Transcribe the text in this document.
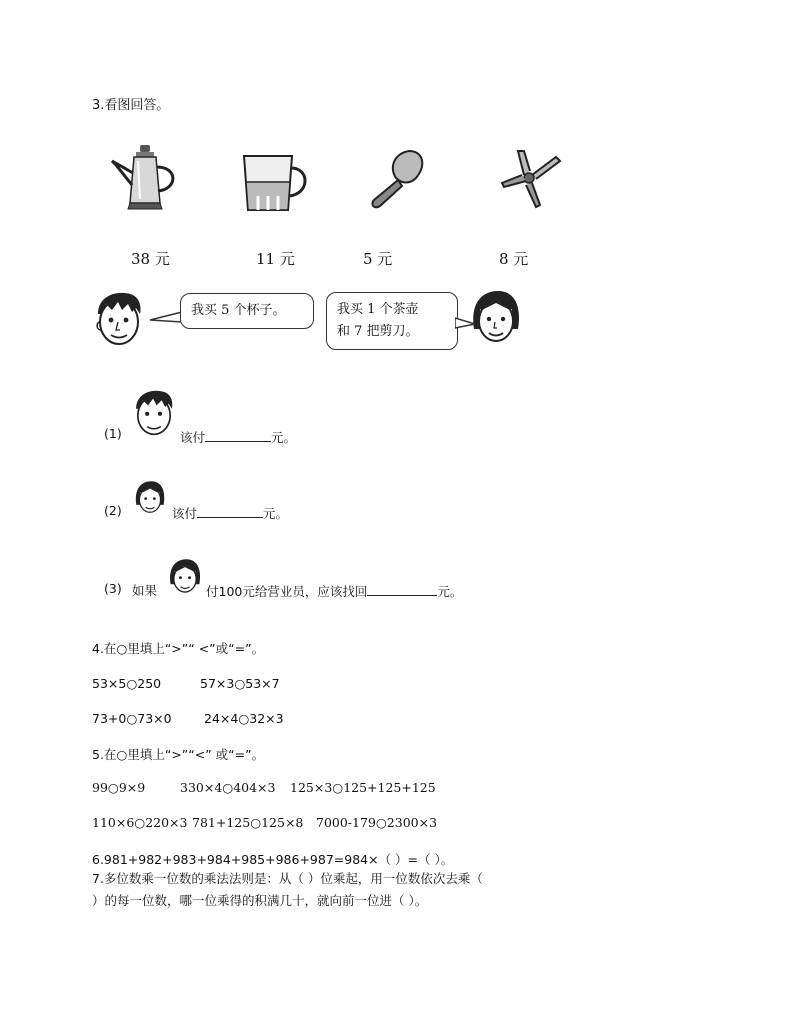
3.看图回答。
38 元	11 元	5 元	8 元
我买 5 个杯子。	我买 1 个茶壶
和 7 把剪刀。
(1)	该付	元。
(2)	该付	元。
(3) 如果	付100元给营业员，应该找回	元。
4.在○里填上“>”“ <”或“=”。
53×5○250	57×3○53×7
73+0○73×0	24×4○32×3
5.在○里填上“>”“<” 或“=”。
99○9×9	330×4○404×3 125×3○125+125+125
110×6○220×3 781+125○125×8 7000-179○2300×3
6.981+982+983+984+985+986+987=984×（ ）=（ ）。
7.多位数乘一位数的乘法法则是：从（ ）位乘起，用一位数依次去乘（
）的每一位数，哪一位乘得的积满几十，就向前一位进（ ）。
